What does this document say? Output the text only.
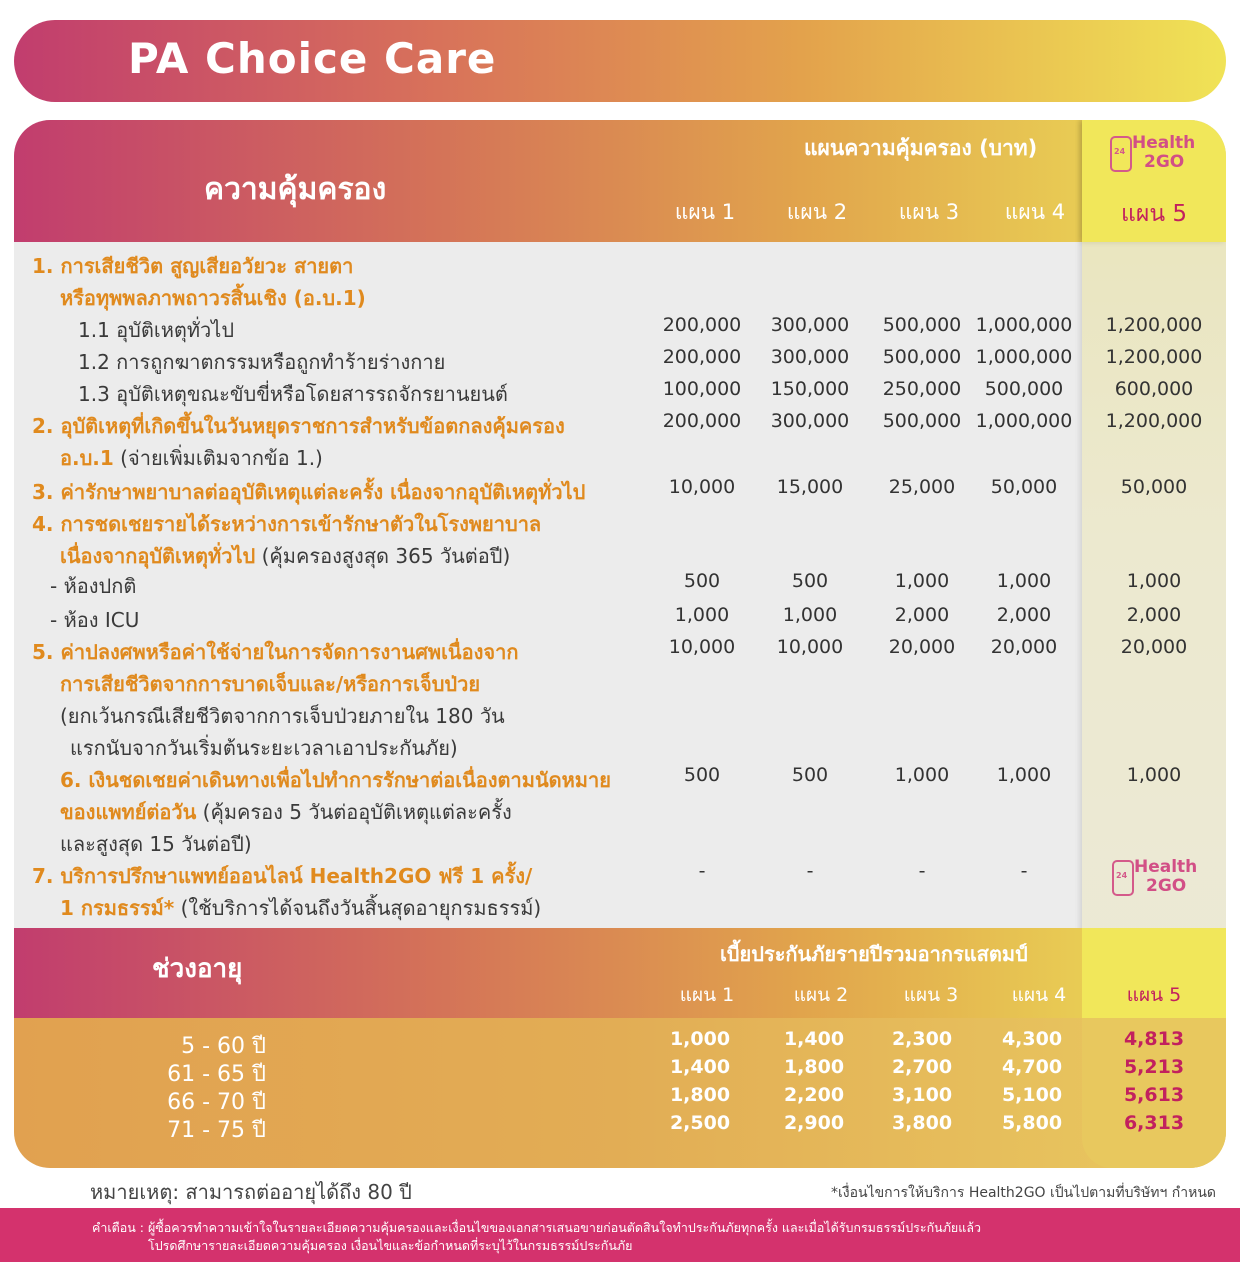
PA Choice Care
ความคุ้มครอง
แผนความคุ้มครอง (บาท)
24	Health
2GO
แผน 1	แผน 2	แผน 3	แผน 4	แผน 5
1. การเสียชีวิต สูญเสียอวัยวะ สายตา
หรือทุพพลภาพถาวรสิ้นเชิง (อ.บ.1)
1.1 อุบัติเหตุทั่วไป	200,000	300,000	500,000 1,000,000	1,200,000
1.2 การถูกฆาตกรรมหรือถูกทำร้ายร่างกาย	200,000	300,000	500,000 1,000,000	1,200,000
1.3 อุบัติเหตุขณะขับขี่หรือโดยสารรถจักรยานยนต์	100,000	150,000	250,000	500,000	600,000
2. อุบัติเหตุที่เกิดขึ้นในวันหยุดราชการสำหรับข้อตกลงคุ้มครอง	200,000	300,000	500,000 1,000,000	1,200,000
อ.บ.1 (จ่ายเพิ่มเติมจากข้อ 1.)
3. ค่ารักษาพยาบาลต่ออุบัติเหตุแต่ละครั้ง เนื่องจากอุบัติเหตุทั่วไป	10,000	15,000	25,000	50,000	50,000
4. การชดเชยรายได้ระหว่างการเข้ารักษาตัวในโรงพยาบาล
เนื่องจากอุบัติเหตุทั่วไป (คุ้มครองสูงสุด 365 วันต่อปี)
- ห้องปกติ	500	500	1,000	1,000	1,000
- ห้อง ICU	1,000	1,000	2,000	2,000	2,000
5. ค่าปลงศพหรือค่าใช้จ่ายในการจัดการงานศพเนื่องจาก	10,000	10,000	20,000	20,000	20,000
การเสียชีวิตจากการบาดเจ็บและ/หรือการเจ็บป่วย
(ยกเว้นกรณีเสียชีวิตจากการเจ็บป่วยภายใน 180 วัน
แรกนับจากวันเริ่มต้นระยะเวลาเอาประกันภัย)
6. เงินชดเชยค่าเดินทางเพื่อไปทำการรักษาต่อเนื่องตามนัดหมาย	500	500	1,000	1,000	1,000
ของแพทย์ต่อวัน (คุ้มครอง 5 วันต่ออุบัติเหตุแต่ละครั้ง
และสูงสุด 15 วันต่อปี)
7. บริการปรึกษาแพทย์ออนไลน์ Health2GO ฟรี 1 ครั้ง/	-	-	-	-
1 กรมธรรม์* (ใช้บริการได้จนถึงวันสิ้นสุดอายุกรมธรรม์)
24
Health
2GO
ช่วงอายุ	เบี้ยประกันภัยรายปีรวมอากรแสตมป์
แผน 1	แผน 2	แผน 3	แผน 4	แผน 5
5 - 60 ปี	1,000	1,400	2,300	4,300	4,813
61 - 65 ปี	1,400	1,800	2,700	4,700	5,213
66 - 70 ปี	1,800	2,200	3,100	5,100	5,613
71 - 75 ปี	2,500	2,900	3,800	5,800	6,313
หมายเหตุ: สามารถต่ออายุได้ถึง 80 ปี	*เงื่อนไขการให้บริการ Health2GO เป็นไปตามที่บริษัทฯ กำหนด
คำเตือน : ผู้ซื้อควรทำความเข้าใจในรายละเอียดความคุ้มครองและเงื่อนไขของเอกสารเสนอขายก่อนตัดสินใจทำประกันภัยทุกครั้ง และเมื่อได้รับกรมธรรม์ประกันภัยแล้ว
โปรดศึกษารายละเอียดความคุ้มครอง เงื่อนไขและข้อกำหนดที่ระบุไว้ในกรมธรรม์ประกันภัย
